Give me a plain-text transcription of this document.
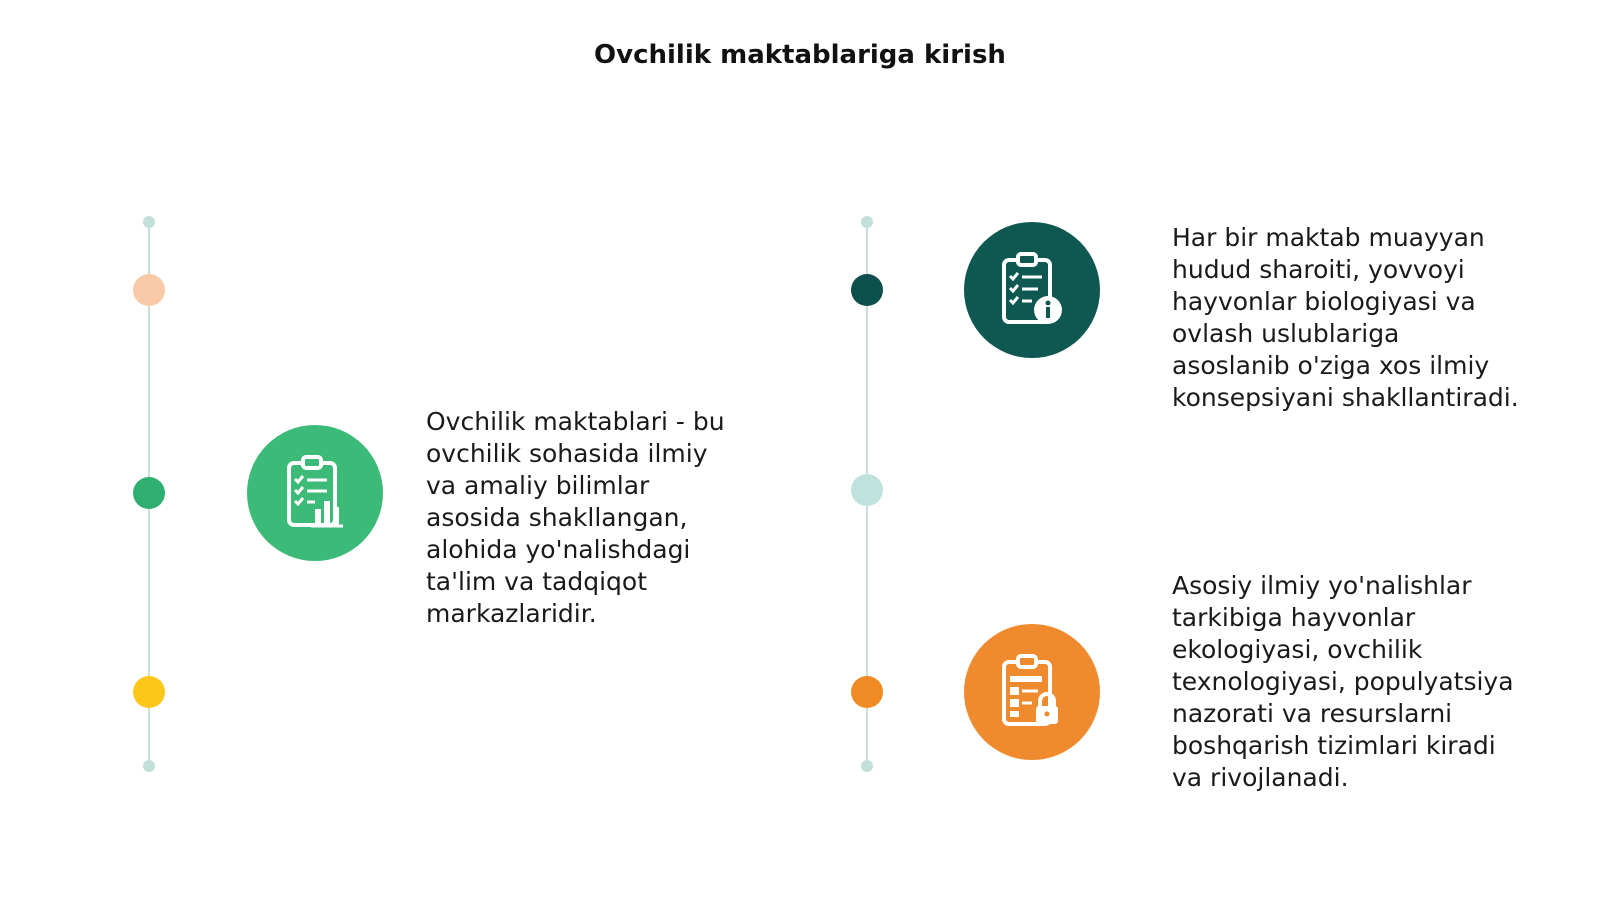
Ovchilik maktablariga kirish

Ovchilik maktablari - bu
ovchilik sohasida ilmiy
va amaliy bilimlar
asosida shakllangan,
alohida yo'nalishdagi
ta'lim va tadqiqot
markazlaridir.

Har bir maktab muayyan
hudud sharoiti, yovvoyi
hayvonlar biologiyasi va
ovlash uslublariga
asoslanib o'ziga xos ilmiy
konsepsiyani shakllantiradi.

Asosiy ilmiy yo'nalishlar
tarkibiga hayvonlar
ekologiyasi, ovchilik
texnologiyasi, populyatsiya
nazorati va resurslarni
boshqarish tizimlari kiradi
va rivojlanadi.
